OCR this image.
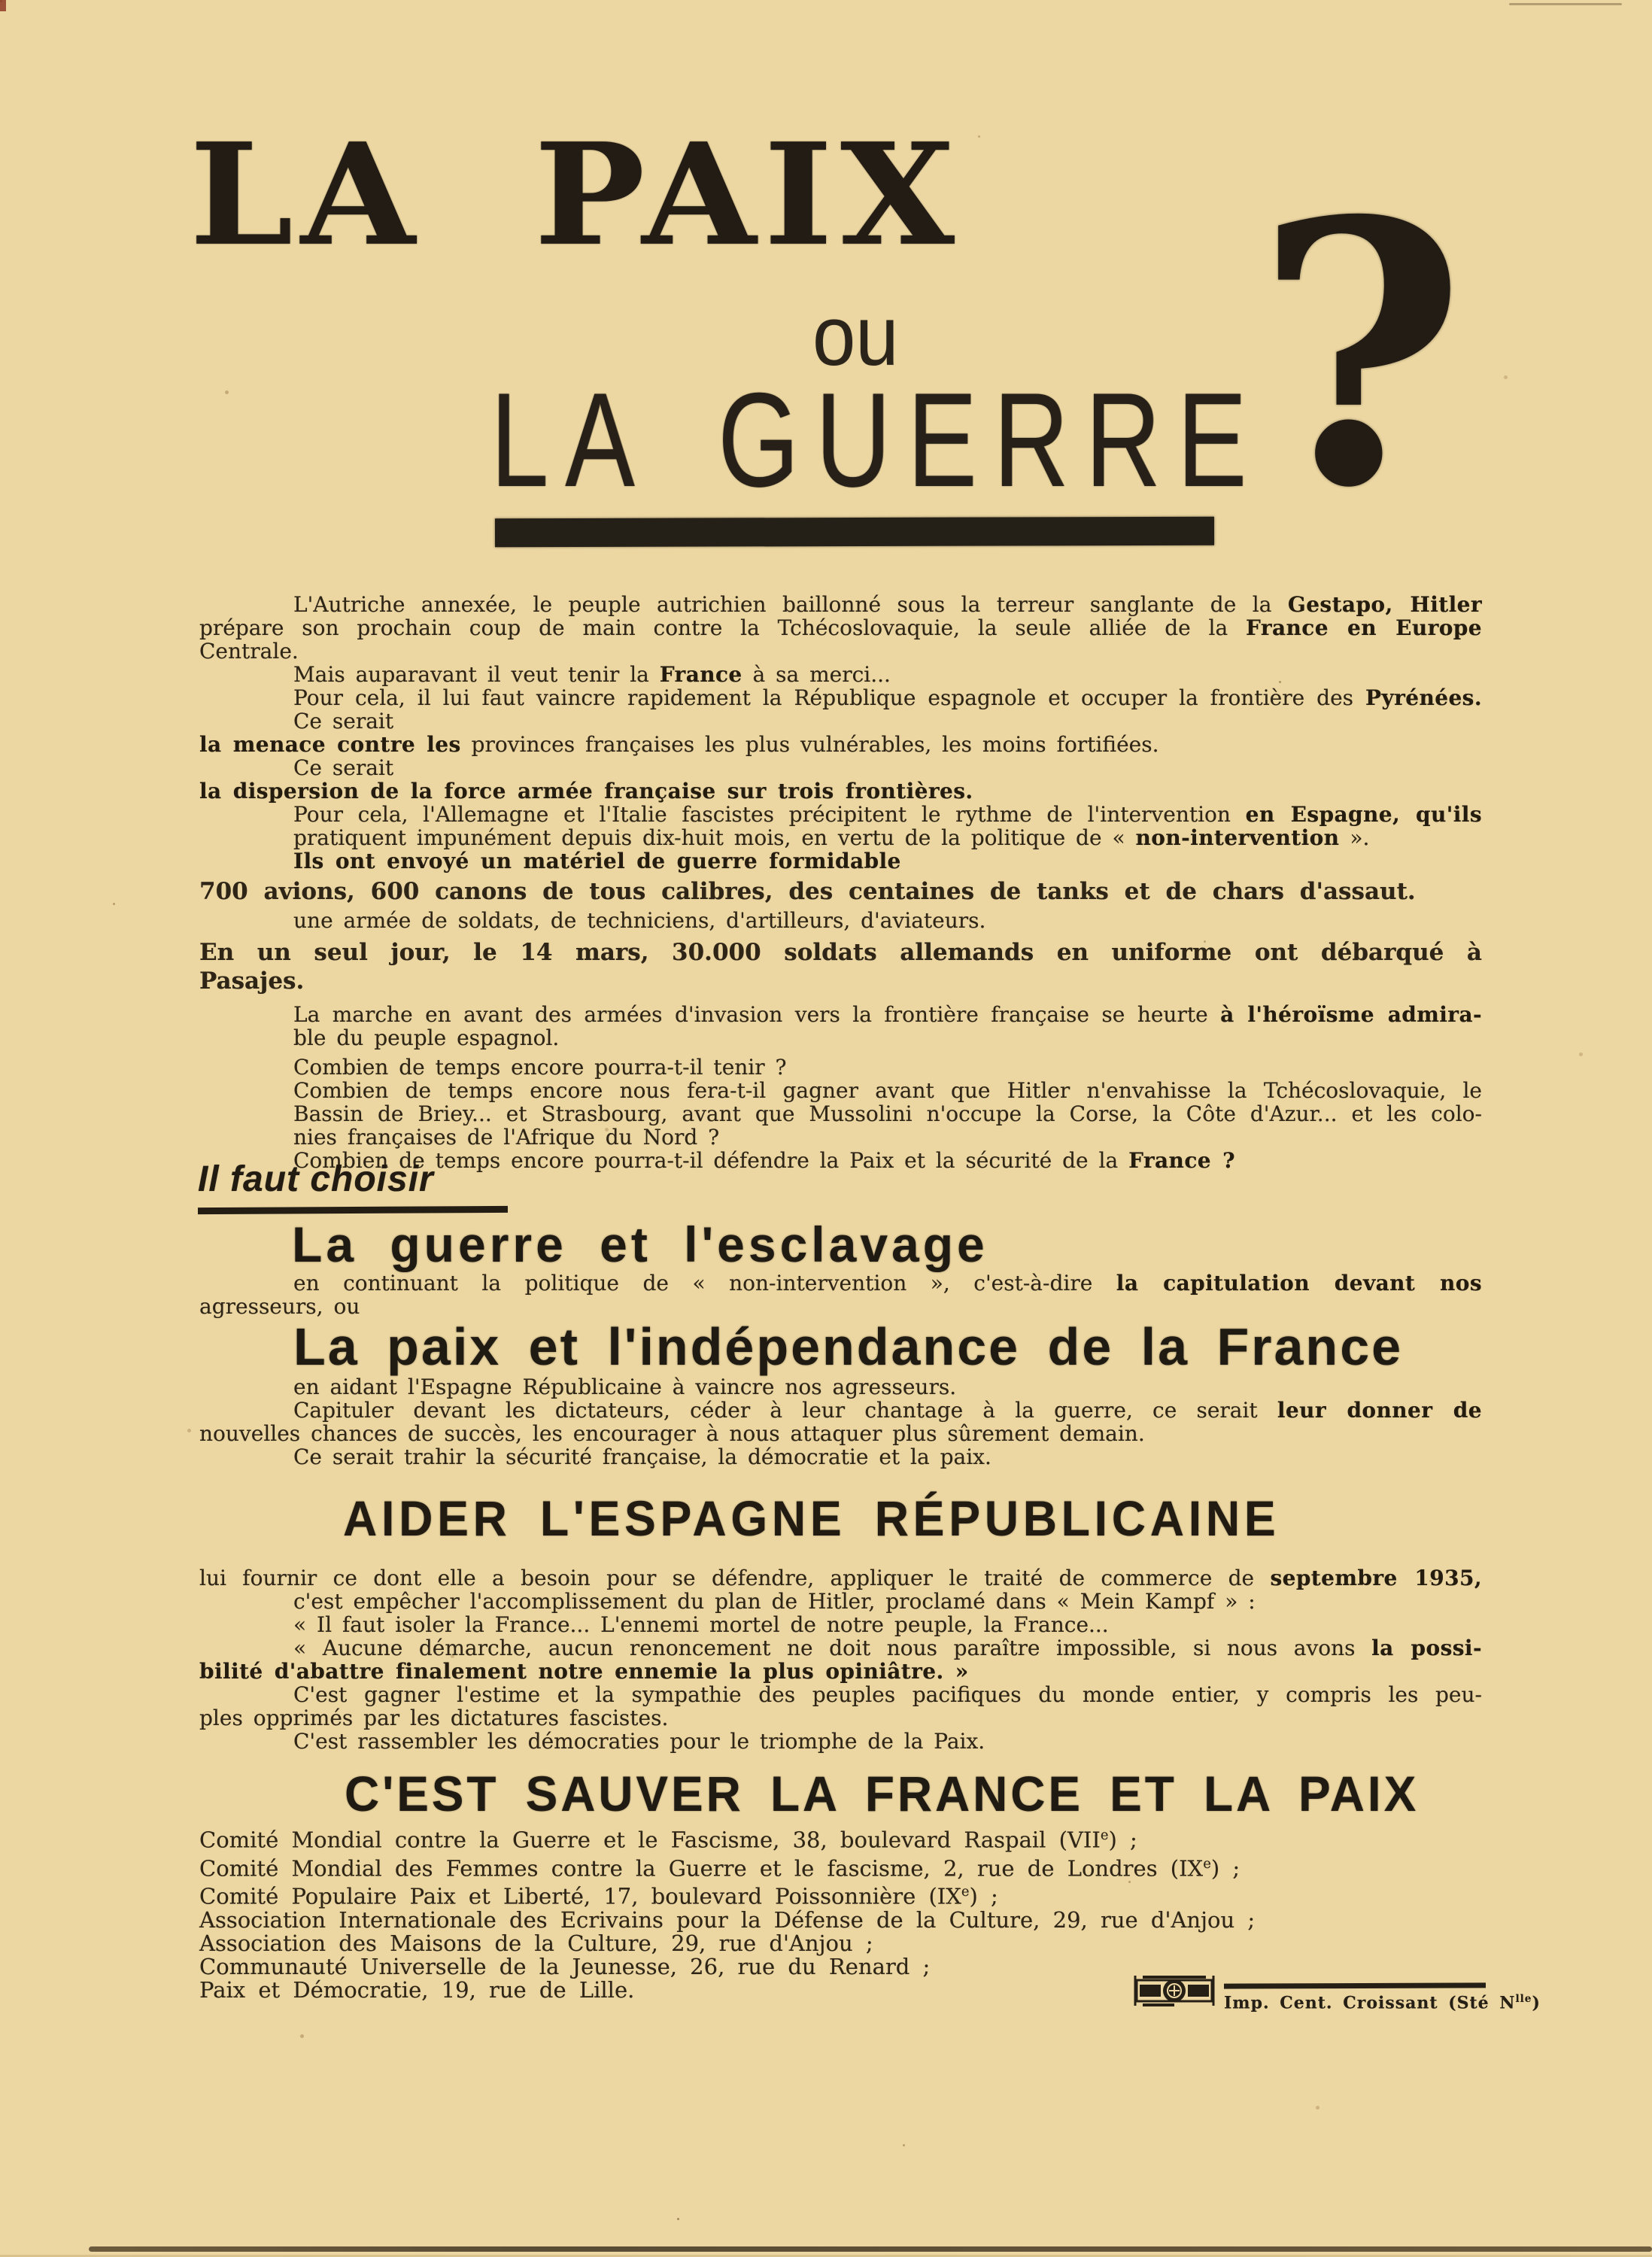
LA PAIX
ou
LA GUERRE
?
L'Autriche annexée, le peuple autrichien baillonné sous la terreur sanglante de la Gestapo, Hitler
prépare son prochain coup de main contre la Tchécoslovaquie, la seule alliée de la France en Europe
Centrale.
Mais auparavant il veut tenir la France à sa merci...
Pour cela, il lui faut vaincre rapidement la République espagnole et occuper la frontière des Pyrénées.
Ce serait
la menace contre les provinces françaises les plus vulnérables, les moins fortifiées.
Ce serait
la dispersion de la force armée française sur trois frontières.
Pour cela, l'Allemagne et l'Italie fascistes précipitent le rythme de l'intervention en Espagne, qu'ils
pratiquent impunément depuis dix-huit mois, en vertu de la politique de « non-intervention ».
Ils ont envoyé un matériel de guerre formidable
700 avions, 600 canons de tous calibres, des centaines de tanks et de chars d'assaut.
une armée de soldats, de techniciens, d'artilleurs, d'aviateurs.
En un seul jour, le 14 mars, 30.000 soldats allemands en uniforme ont débarqué à Pasajes.
La marche en avant des armées d'invasion vers la frontière française se heurte à l'héroïsme admira-
ble du peuple espagnol.
Combien de temps encore pourra-t-il tenir ?
Combien de temps encore nous fera-t-il gagner avant que Hitler n'envahisse la Tchécoslovaquie, le
Bassin de Briey... et Strasbourg, avant que Mussolini n'occupe la Corse, la Côte d'Azur... et les colo-
nies françaises de l'Afrique du Nord ?
Combien de temps encore pourra-t-il défendre la Paix et la sécurité de la France ?
Il faut choisir
La guerre et l'esclavage
en continuant la politique de « non-intervention », c'est-à-dire la capitulation devant nos
agresseurs, ou
La paix et l'indépendance de la France
en aidant l'Espagne Républicaine à vaincre nos agresseurs.
Capituler devant les dictateurs, céder à leur chantage à la guerre, ce serait leur donner de
nouvelles chances de succès, les encourager à nous attaquer plus sûrement demain.
Ce serait trahir la sécurité française, la démocratie et la paix.
AIDER L'ESPAGNE RÉPUBLICAINE
lui fournir ce dont elle a besoin pour se défendre, appliquer le traité de commerce de septembre 1935,
c'est empêcher l'accomplissement du plan de Hitler, proclamé dans « Mein Kampf » :
« Il faut isoler la France... L'ennemi mortel de notre peuple, la France...
« Aucune démarche, aucun renoncement ne doit nous paraître impossible, si nous avons la possi-
bilité d'abattre finalement notre ennemie la plus opiniâtre. »
C'est gagner l'estime et la sympathie des peuples pacifiques du monde entier, y compris les peu-
ples opprimés par les dictatures fascistes.
C'est rassembler les démocraties pour le triomphe de la Paix.
C'EST SAUVER LA FRANCE ET LA PAIX
Comité Mondial contre la Guerre et le Fascisme, 38, boulevard Raspail (VIIe) ;
Comité Mondial des Femmes contre la Guerre et le fascisme, 2, rue de Londres (IXe) ;
Comité Populaire Paix et Liberté, 17, boulevard Poissonnière (IXe) ;
Association Internationale des Ecrivains pour la Défense de la Culture, 29, rue d'Anjou ;
Association des Maisons de la Culture, 29, rue d'Anjou ;
Communauté Universelle de la Jeunesse, 26, rue du Renard ;
Paix et Démocratie, 19, rue de Lille.
Imp. Cent. Croissant (Sté $N^{lle}$)
